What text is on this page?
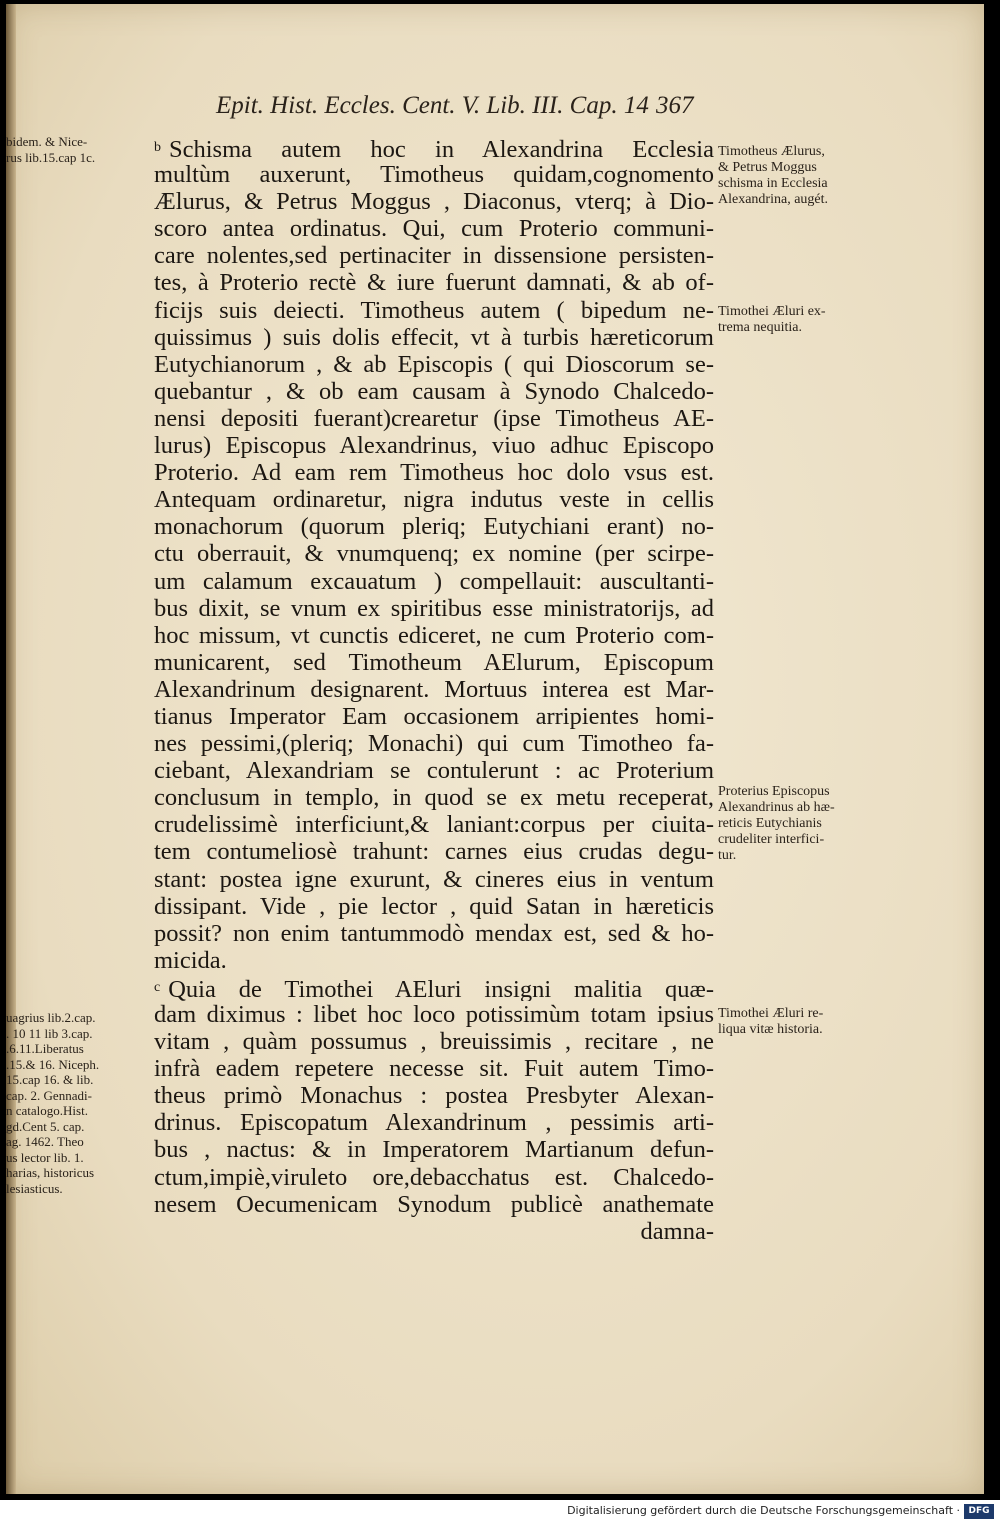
Epit. Hist. Eccles. Cent. V. Lib. III. Cap. 14 367
bidem. & Nice-
rus lib.15.cap 1c.
uagrius lib.2.cap.
. 10 11 lib 3.cap.
.6.11.Liberatus
.15.& 16. Niceph.
15.cap 16. & lib.
cap. 2. Gennadi-
n catalogo.Hist.
gd.Cent 5. cap.
ag. 1462. Theo
us lector lib. 1.
harias, historicus
lesiasticus.
$^b$ Schisma autem hoc in Alexandrina Ecclesia
multùm auxerunt, Timotheus quidam,cognomento
Ælurus, & Petrus Moggus , Diaconus, vterq; à Dio-
scoro antea ordinatus. Qui, cum Proterio communi-
care nolentes,sed pertinaciter in dissensione persisten-
tes, à Proterio rectè & iure fuerunt damnati, & ab of-
ficijs suis deiecti. Timotheus autem ( bipedum ne-
quissimus ) suis dolis effecit, vt à turbis hæreticorum
Eutychianorum , & ab Episcopis ( qui Dioscorum se-
quebantur , & ob eam causam à Synodo Chalcedo-
nensi depositi fuerant)crearetur (ipse Timotheus AE-
lurus) Episcopus Alexandrinus, viuo adhuc Episcopo
Proterio. Ad eam rem Timotheus hoc dolo vsus est.
Antequam ordinaretur, nigra indutus veste in cellis
monachorum (quorum pleriq; Eutychiani erant) no-
ctu oberrauit, & vnumquenq; ex nomine (per scirpe-
um calamum excauatum ) compellauit: auscultanti-
bus dixit, se vnum ex spiritibus esse ministratorijs, ad
hoc missum, vt cunctis ediceret, ne cum Proterio com-
municarent, sed Timotheum AElurum, Episcopum
Alexandrinum designarent. Mortuus interea est Mar-
tianus Imperator Eam occasionem arripientes homi-
nes pessimi,(pleriq; Monachi) qui cum Timotheo fa-
ciebant, Alexandriam se contulerunt : ac Proterium
conclusum in templo, in quod se ex metu receperat,
crudelissimè interficiunt,& laniant:corpus per ciuita-
tem contumeliosè trahunt: carnes eius crudas degu-
stant: postea igne exurunt, & cineres eius in ventum
dissipant. Vide , pie lector , quid Satan in hæreticis
possit? non enim tantummodò mendax est, sed & ho-
micida.
$^c$ Quia de Timothei AEluri insigni malitia quæ-
dam diximus : libet hoc loco potissimùm totam ipsius
vitam , quàm possumus , breuissimis , recitare , ne
infrà eadem repetere necesse sit. Fuit autem Timo-
theus primò Monachus : postea Presbyter Alexan-
drinus. Episcopatum Alexandrinum , pessimis arti-
bus , nactus: & in Imperatorem Martianum defun-
ctum,impiè,viruleto ore,debacchatus est. Chalcedo-
nesem Oecumenicam Synodum publicè anathemate
damna-
Timotheus Ælurus,
& Petrus Moggus
schisma in Ecclesia
Alexandrina, augét.
Timothei Æluri ex-
trema nequitia.
Proterius Episcopus
Alexandrinus ab hæ-
reticis Eutychianis
crudeliter interfici-
tur.
Timothei Æluri re-
liqua vitæ historia.
Digitalisierung gefördert durch die Deutsche Forschungsgemeinschaft · DFG
